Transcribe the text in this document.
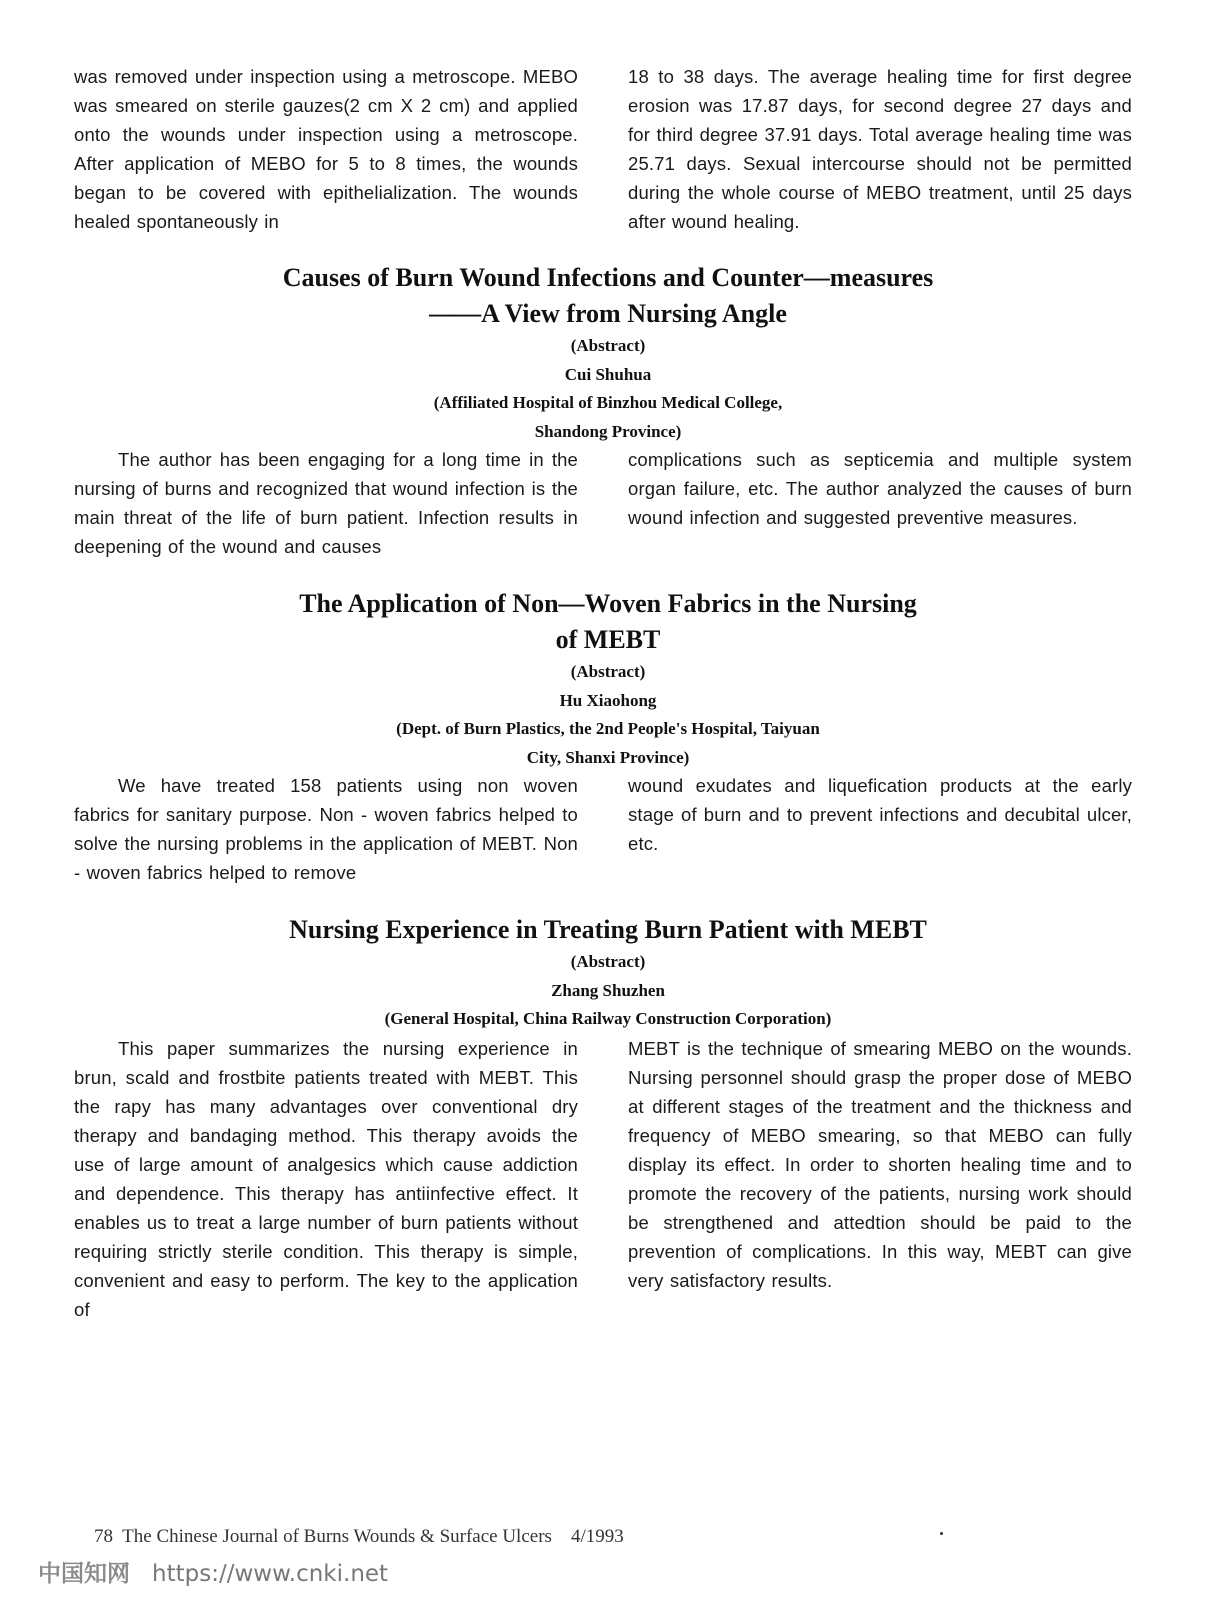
was removed under inspection using a metroscope. MEBO was smeared on sterile gauzes(2 cm X 2 cm) and applied onto the wounds under inspection using a metroscope. After application of MEBO for 5 to 8 times, the wounds began to be covered with epithelialization. The wounds healed spontaneously in

18 to 38 days. The average healing time for first degree erosion was 17.87 days, for second degree 27 days and for third degree 37.91 days. Total average healing time was 25.71 days. Sexual intercourse should not be permitted during the whole course of MEBO treatment, until 25 days after wound healing.

Causes of Burn Wound Infections and Counter—measures

——A View from Nursing Angle

(Abstract)

Cui Shuhua

(Affiliated Hospital of Binzhou Medical College,

Shandong Province)

The author has been engaging for a long time in the nursing of burns and recognized that wound infection is the main threat of the life of burn patient. Infection results in deepening of the wound and causes

complications such as septicemia and multiple system organ failure, etc. The author analyzed the causes of burn wound infection and suggested preventive measures.

The Application of Non—Woven Fabrics in the Nursing

of MEBT

(Abstract)

Hu Xiaohong

(Dept. of Burn Plastics, the 2nd People's Hospital, Taiyuan

City, Shanxi Province)

We have treated 158 patients using non woven fabrics for sanitary purpose. Non - woven fabrics helped to solve the nursing problems in the application of MEBT. Non - woven fabrics helped to remove

wound exudates and liquefication products at the early stage of burn and to prevent infections and decubital ulcer, etc.

Nursing Experience in Treating Burn Patient with MEBT

(Abstract)

Zhang Shuzhen

(General Hospital, China Railway Construction Corporation)

This paper summarizes the nursing experience in brun, scald and frostbite patients treated with MEBT. This the rapy has many advantages over conventional dry therapy and bandaging method. This therapy avoids the use of large amount of analgesics which cause addiction and dependence. This therapy has antiinfective effect. It enables us to treat a large number of burn patients without requiring strictly sterile condition. This therapy is simple, convenient and easy to perform. The key to the application of

MEBT is the technique of smearing MEBO on the wounds. Nursing personnel should grasp the proper dose of MEBO at different stages of the treatment and the thickness and frequency of MEBO smearing, so that MEBO can fully display its effect. In order to shorten healing time and to promote the recovery of the patients, nursing work should be strengthened and attedtion should be paid to the prevention of complications. In this way, MEBT can give very satisfactory results.

78 The Chinese Journal of Burns Wounds & Surface Ulcers 4/1993
中国知网 https://www.cnki.net
